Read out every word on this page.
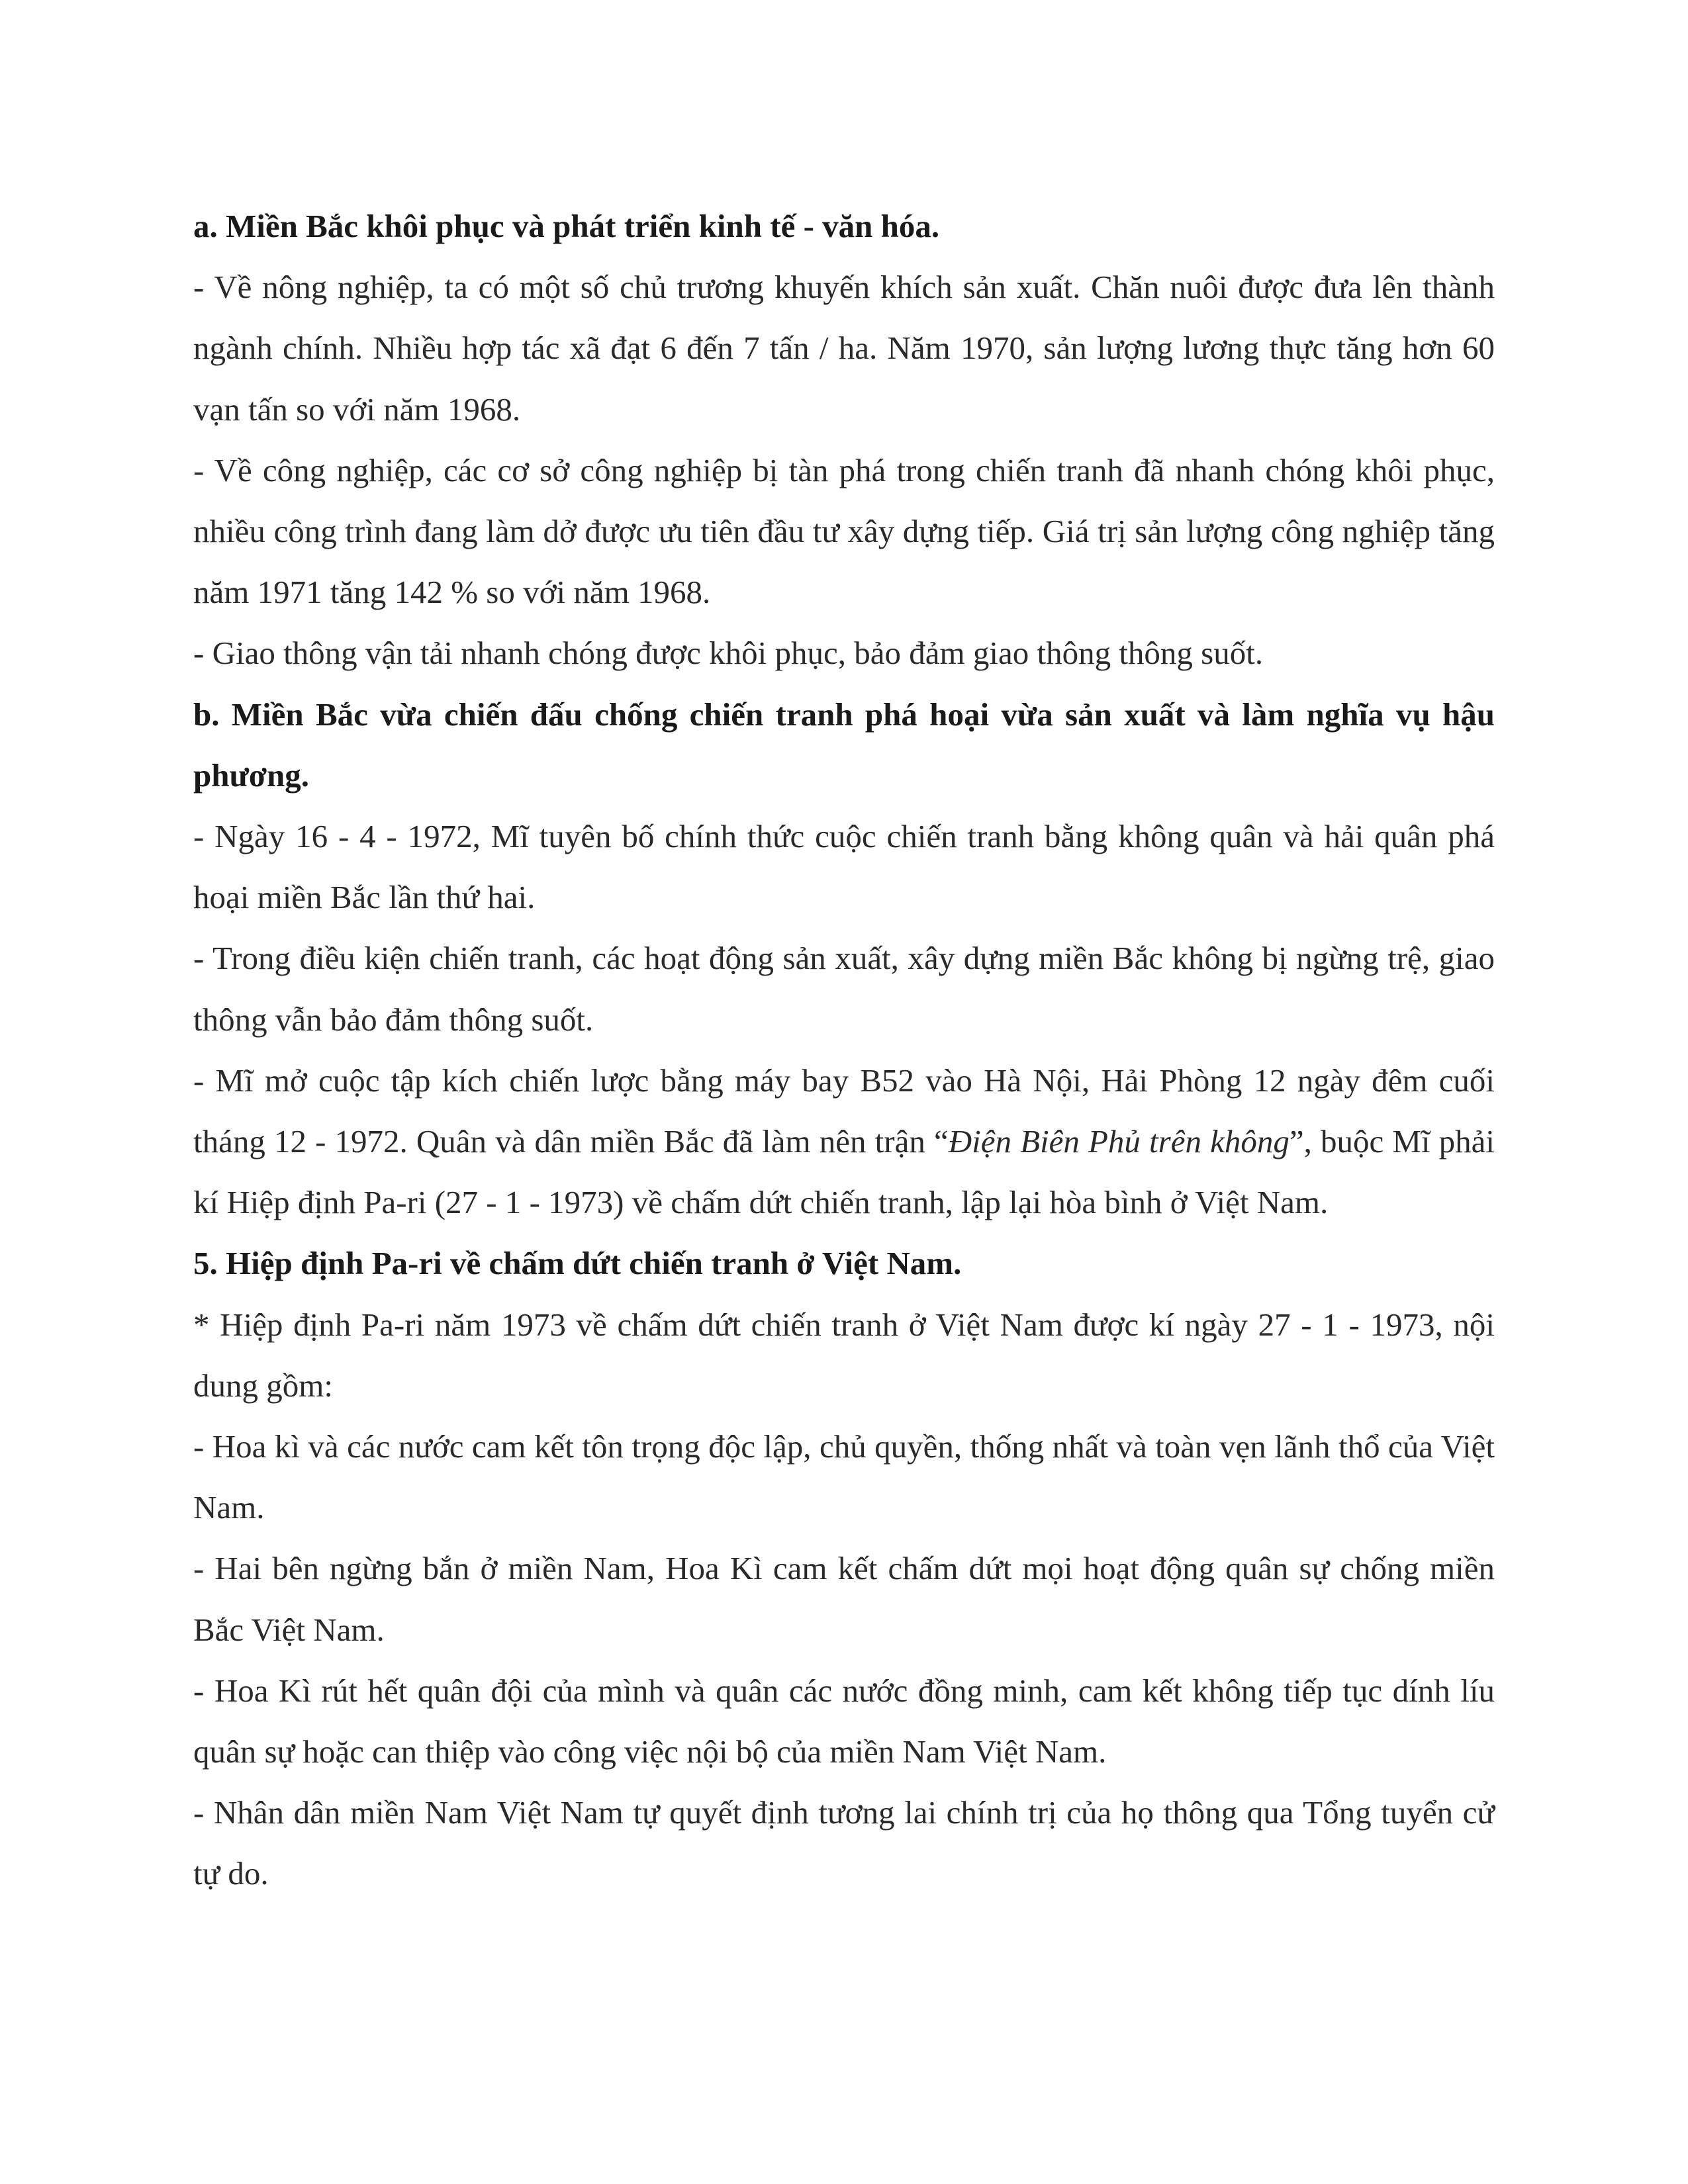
a. Miền Bắc khôi phục và phát triển kinh tế - văn hóa.

- Về nông nghiệp, ta có một số chủ trương khuyến khích sản xuất. Chăn nuôi được đưa lên thành ngành chính. Nhiều hợp tác xã đạt 6 đến 7 tấn / ha. Năm 1970, sản lượng lương thực tăng hơn 60 vạn tấn so với năm 1968.

- Về công nghiệp, các cơ sở công nghiệp bị tàn phá trong chiến tranh đã nhanh chóng khôi phục, nhiều công trình đang làm dở được ưu tiên đầu tư xây dựng tiếp. Giá trị sản lượng công nghiệp tăng năm 1971 tăng 142 % so với năm 1968.

- Giao thông vận tải nhanh chóng được khôi phục, bảo đảm giao thông thông suốt.

b. Miền Bắc vừa chiến đấu chống chiến tranh phá hoại vừa sản xuất và làm nghĩa vụ hậu phương.

- Ngày 16 - 4 - 1972, Mĩ tuyên bố chính thức cuộc chiến tranh bằng không quân và hải quân phá hoại miền Bắc lần thứ hai.

- Trong điều kiện chiến tranh, các hoạt động sản xuất, xây dựng miền Bắc không bị ngừng trệ, giao thông vẫn bảo đảm thông suốt.

- Mĩ mở cuộc tập kích chiến lược bằng máy bay B52 vào Hà Nội, Hải Phòng 12 ngày đêm cuối tháng 12 - 1972. Quân và dân miền Bắc đã làm nên trận “Điện Biên Phủ trên không”, buộc Mĩ phải kí Hiệp định Pa-ri (27 - 1 - 1973) về chấm dứt chiến tranh, lập lại hòa bình ở Việt Nam.

5. Hiệp định Pa-ri về chấm dứt chiến tranh ở Việt Nam.

* Hiệp định Pa-ri năm 1973 về chấm dứt chiến tranh ở Việt Nam được kí ngày 27 - 1 - 1973, nội dung gồm:

- Hoa kì và các nước cam kết tôn trọng độc lập, chủ quyền, thống nhất và toàn vẹn lãnh thổ của Việt Nam.

- Hai bên ngừng bắn ở miền Nam, Hoa Kì cam kết chấm dứt mọi hoạt động quân sự chống miền Bắc Việt Nam.

- Hoa Kì rút hết quân đội của mình và quân các nước đồng minh, cam kết không tiếp tục dính líu quân sự hoặc can thiệp vào công việc nội bộ của miền Nam Việt Nam.

- Nhân dân miền Nam Việt Nam tự quyết định tương lai chính trị của họ thông qua Tổng tuyển cử tự do.
